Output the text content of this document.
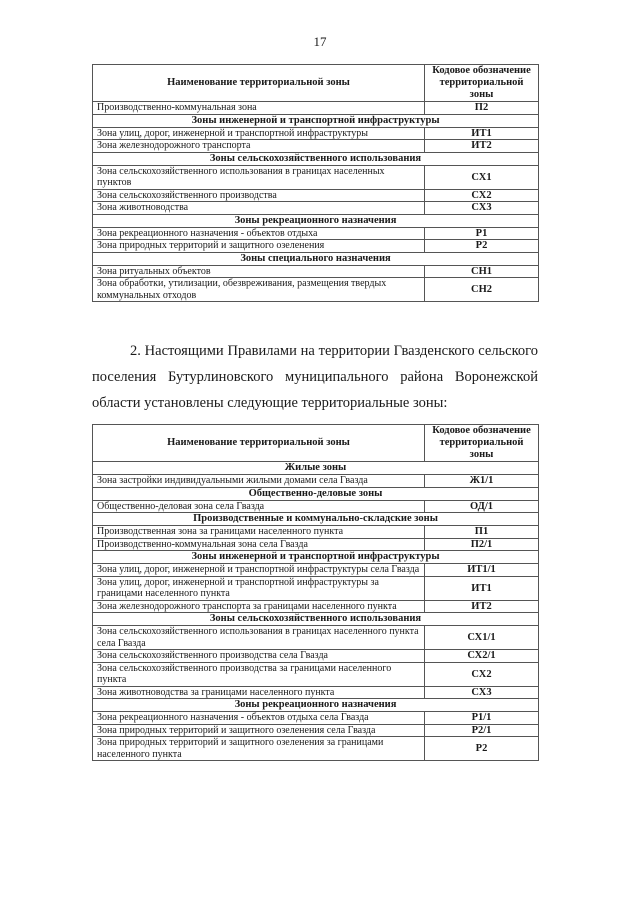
17
Наименование территориальной зоны	Кодовое обозначение территориальной зоны
Производственно-коммунальная зона	П2
Зоны инженерной и транспортной инфраструктуры	
Зона улиц, дорог, инженерной и транспортной инфраструктуры	ИТ1
Зона железнодорожного транспорта	ИТ2
Зоны сельскохозяйственного использования	
Зона сельскохозяйственного использования в границах населенных пунктов	СХ1
Зона сельскохозяйственного производства	СХ2
Зона животноводства	СХ3
Зоны рекреационного назначения	
Зона рекреационного назначения - объектов отдыха	Р1
Зона природных территорий и защитного озеленения	Р2
Зоны специального назначения	
Зона ритуальных объектов	СН1
Зона обработки, утилизации, обезвреживания, размещения твердых коммунальных отходов	СН2

2. Настоящими Правилами на территории Гвазденского сельского поселения Бутурлиновского муниципального района Воронежской области установлены следующие территориальные зоны:

Наименование территориальной зоны	Кодовое обозначение территориальной зоны
Жилые зоны	
Зона застройки индивидуальными жилыми домами села Гвазда	Ж1/1
Общественно-деловые зоны	
Общественно-деловая зона села Гвазда	ОД/1
Производственные и коммунально-складские зоны	
Производственная зона за границами населенного пункта	П1
Производственно-коммунальная зона села Гвазда	П2/1
Зоны инженерной и транспортной инфраструктуры	
Зона улиц, дорог, инженерной и транспортной инфраструктуры села Гвазда	ИТ1/1
Зона улиц, дорог, инженерной и транспортной инфраструктуры за границами населенного пункта	ИТ1
Зона железнодорожного транспорта за границами населенного пункта	ИТ2
Зоны сельскохозяйственного использования	
Зона сельскохозяйственного использования в границах населенного пункта села Гвазда	СХ1/1
Зона сельскохозяйственного производства села Гвазда	СХ2/1
Зона сельскохозяйственного производства за границами населенного пункта	СХ2
Зона животноводства за границами населенного пункта	СХ3
Зоны рекреационного назначения	
Зона рекреационного назначения - объектов отдыха села Гвазда	Р1/1
Зона природных территорий и защитного озеленения села Гвазда	Р2/1
Зона природных территорий и защитного озеленения за границами населенного пункта	Р2
